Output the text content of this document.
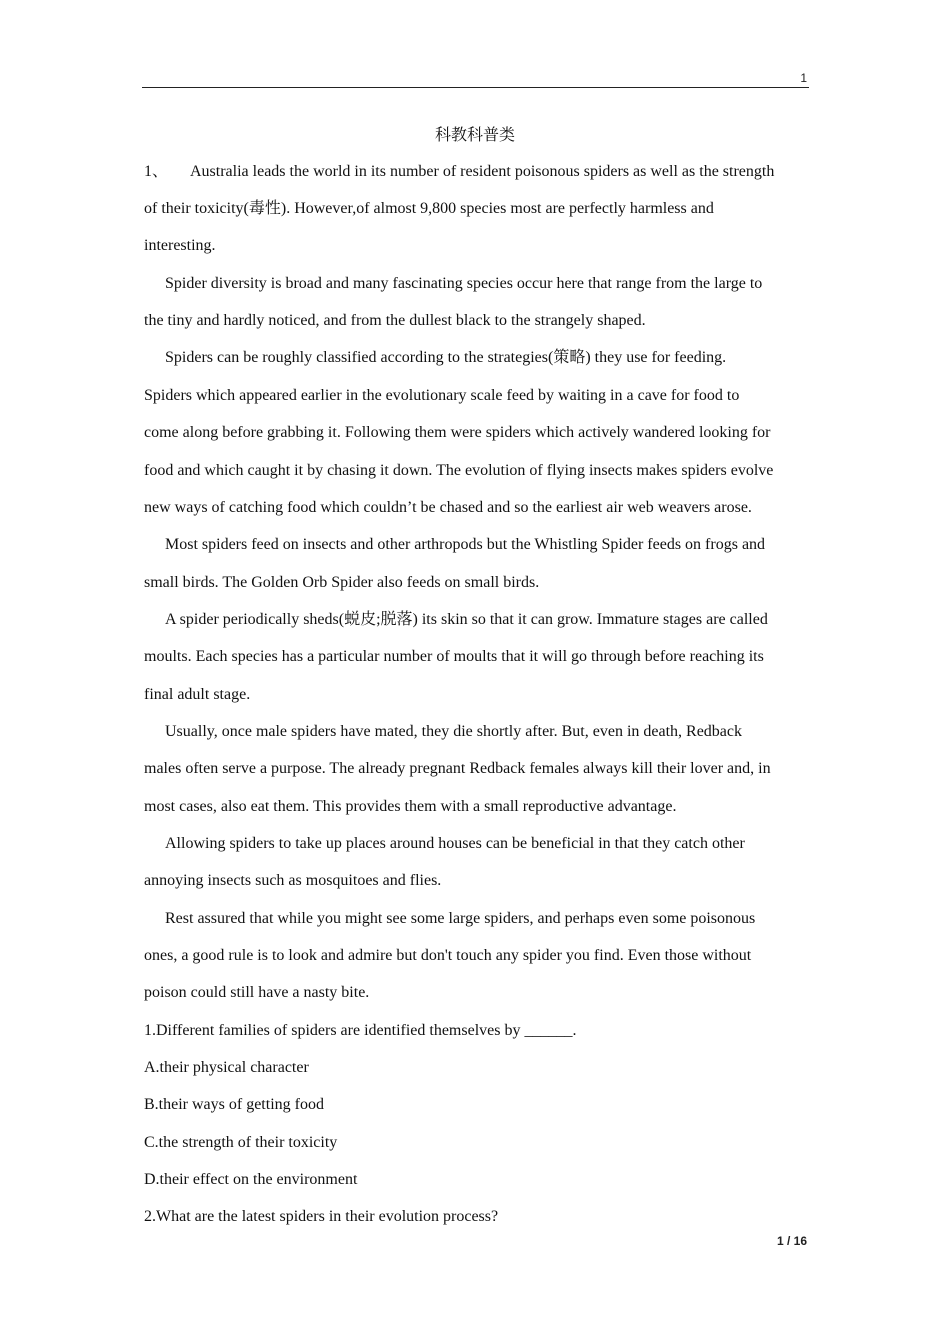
1
科教科普类
1、 Australia leads the world in its number of resident poisonous spiders as well as the strength
of their toxicity(毒性). However,of almost 9,800 species most are perfectly harmless and
interesting.
Spider diversity is broad and many fascinating species occur here that range from the large to
the tiny and hardly noticed, and from the dullest black to the strangely shaped.
Spiders can be roughly classified according to the strategies(策略) they use for feeding.
Spiders which appeared earlier in the evolutionary scale feed by waiting in a cave for food to
come along before grabbing it. Following them were spiders which actively wandered looking for
food and which caught it by chasing it down. The evolution of flying insects makes spiders evolve
new ways of catching food which couldn’t be chased and so the earliest air web weavers arose.
Most spiders feed on insects and other arthropods but the Whistling Spider feeds on frogs and
small birds. The Golden Orb Spider also feeds on small birds.
A spider periodically sheds(蜕皮;脱落) its skin so that it can grow. Immature stages are called
moults. Each species has a particular number of moults that it will go through before reaching its
final adult stage.
Usually, once male spiders have mated, they die shortly after. But, even in death, Redback
males often serve a purpose. The already pregnant Redback females always kill their lover and, in
most cases, also eat them. This provides them with a small reproductive advantage.
Allowing spiders to take up places around houses can be beneficial in that they catch other
annoying insects such as mosquitoes and flies.
Rest assured that while you might see some large spiders, and perhaps even some poisonous
ones, a good rule is to look and admire but don't touch any spider you find. Even those without
poison could still have a nasty bite.
1.Different families of spiders are identified themselves by ______.
A.their physical character
B.their ways of getting food
C.the strength of their toxicity
D.their effect on the environment
2.What are the latest spiders in their evolution process?
1 / 16
